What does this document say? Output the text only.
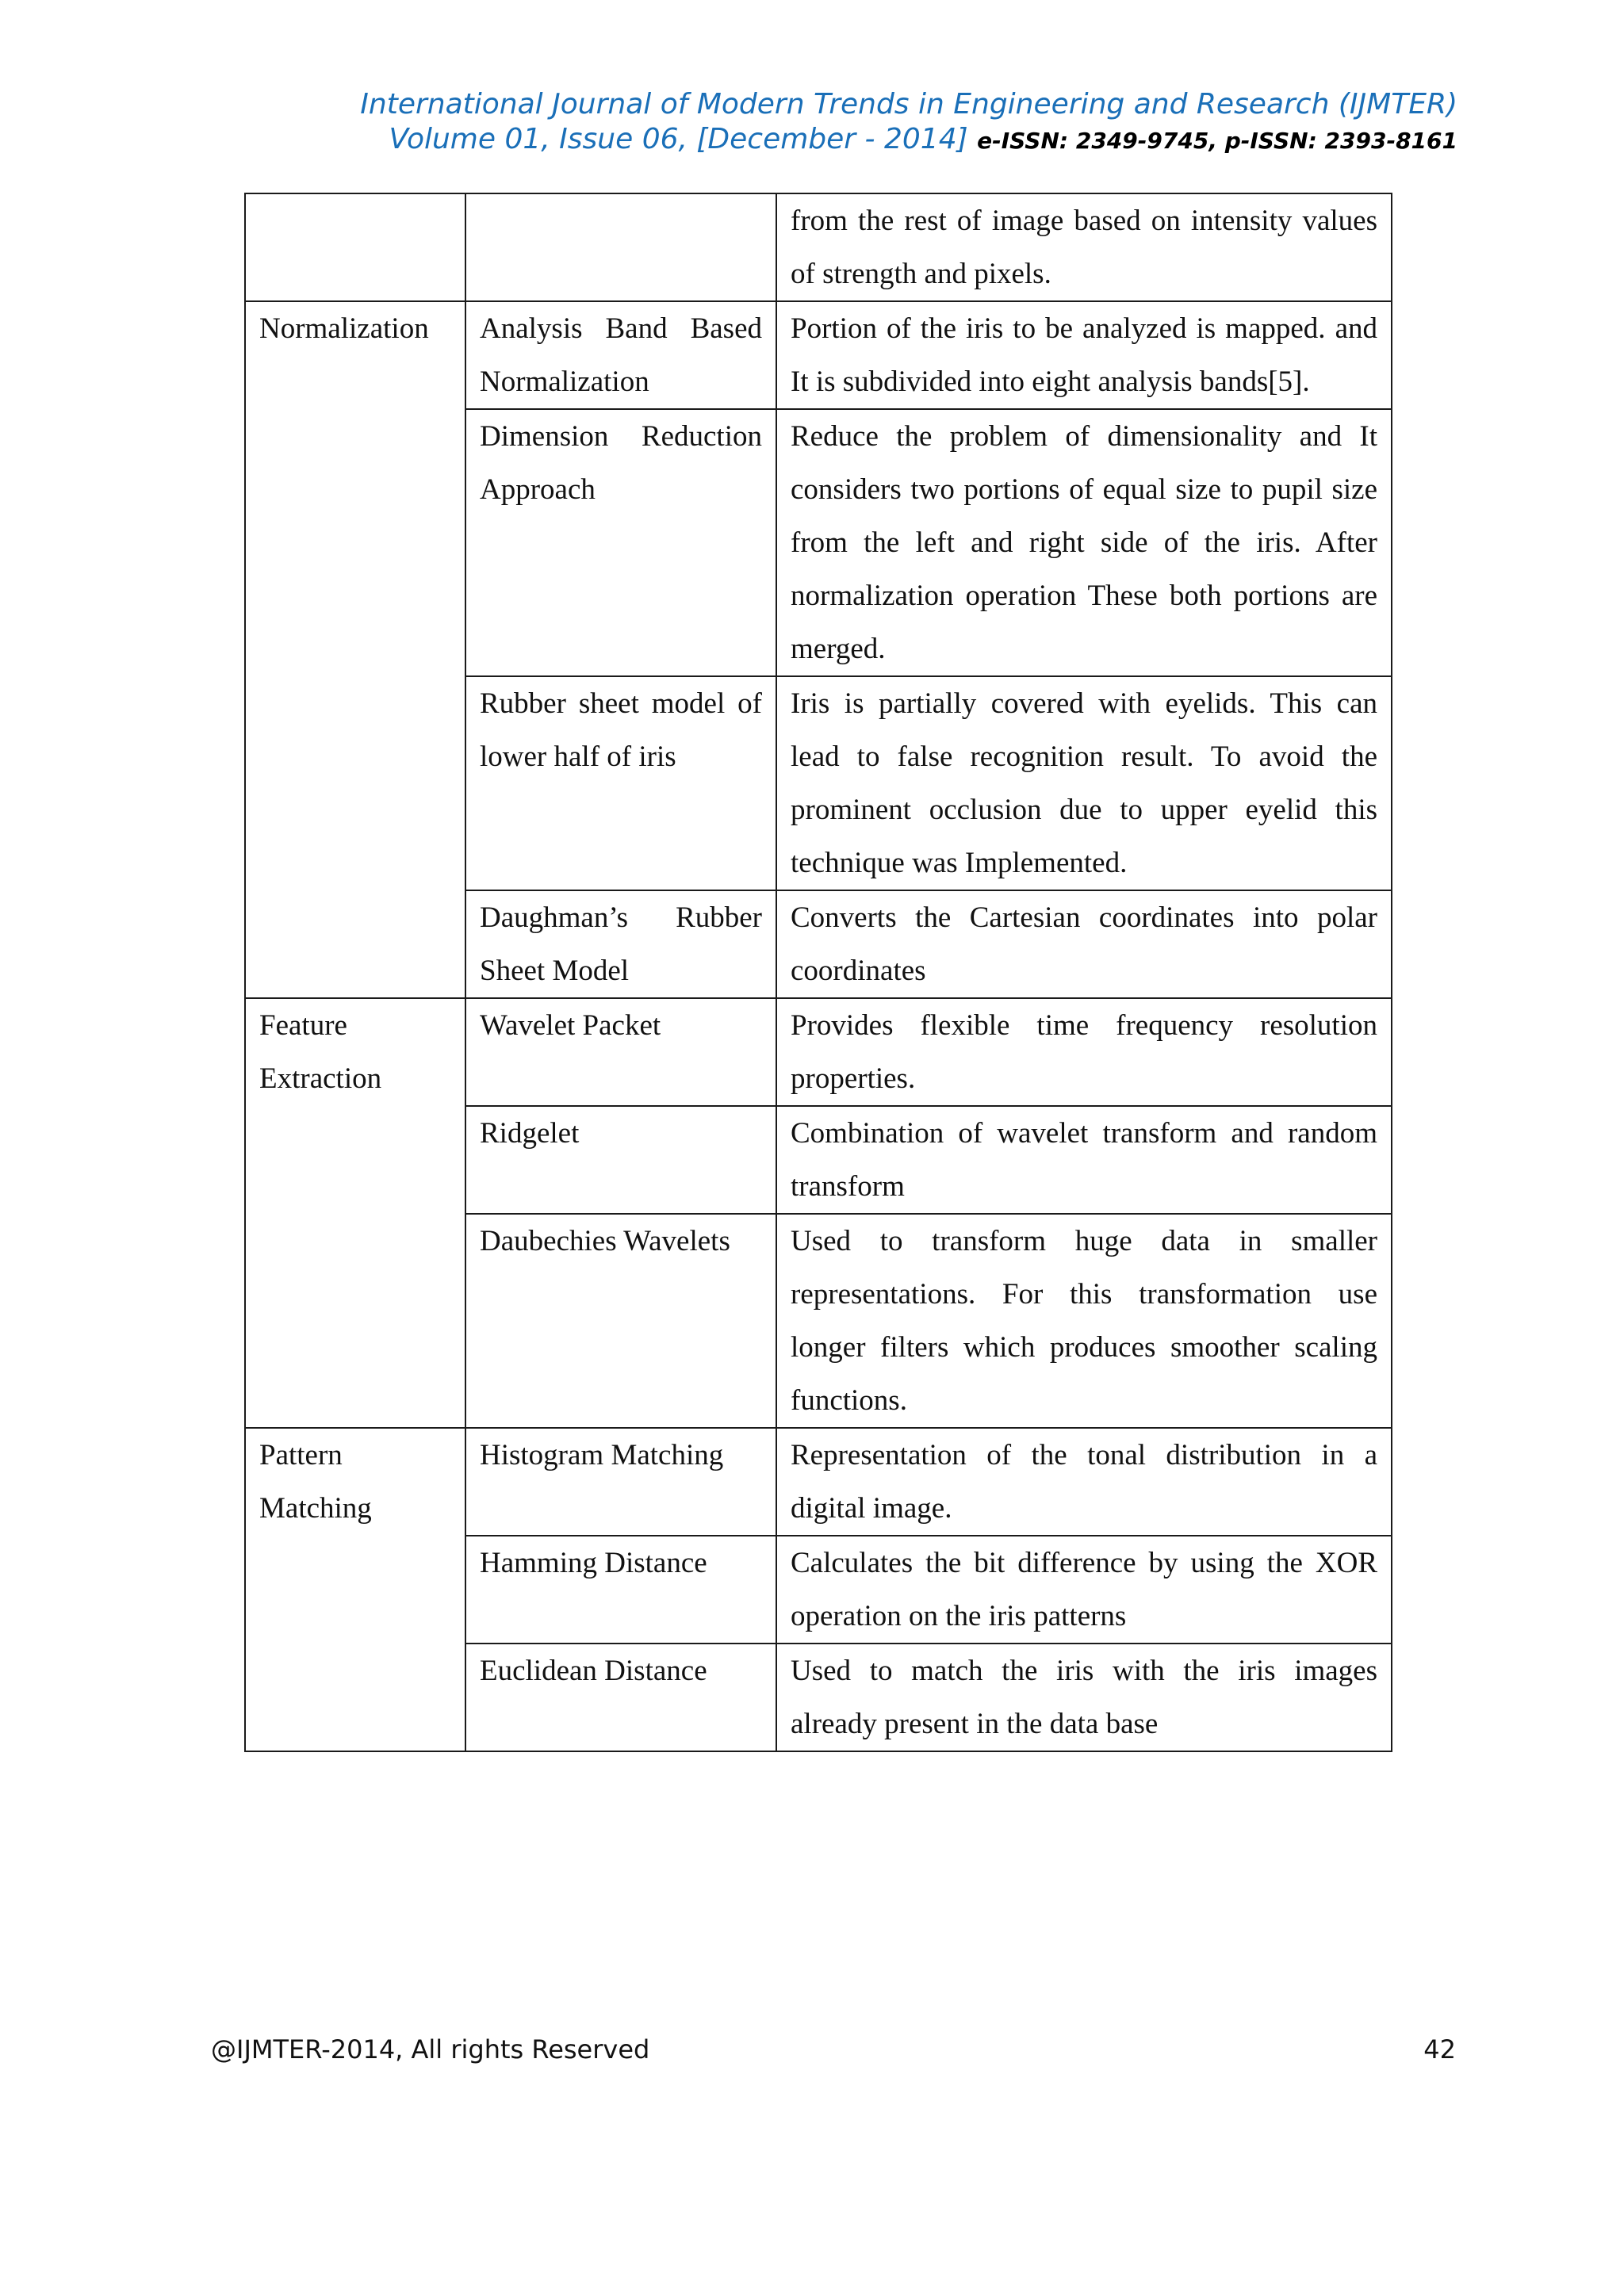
International Journal of Modern Trends in Engineering and Research (IJMTER)
Volume 01, Issue 06, [December - 2014] e-ISSN: 2349-9745, p-ISSN: 2393-8161
		from the rest of image based on intensity values of strength and pixels.
Normalization	Analysis Band Based Normalization	Portion of the iris to be analyzed is mapped. and It is subdivided into eight analysis bands[5].
	Dimension Reduction Approach	Reduce the problem of dimensionality and It considers two portions of equal size to pupil size from the left and right side of the iris. After normalization operation These both portions are merged.
	Rubber sheet model of lower half of iris	Iris is partially covered with eyelids. This can lead to false recognition result. To avoid the prominent occlusion due to upper eyelid this technique was Implemented.
	Daughman’s Rubber Sheet Model	Converts the Cartesian coordinates into polar coordinates
Feature Extraction	Wavelet Packet	Provides flexible time frequency resolution properties.
	Ridgelet	Combination of wavelet transform and random transform
	Daubechies Wavelets	Used to transform huge data in smaller representations. For this transformation use longer filters which produces smoother scaling functions.
Pattern Matching	Histogram Matching	Representation of the tonal distribution in a digital image.
	Hamming Distance	Calculates the bit difference by using the XOR operation on the iris patterns
	Euclidean Distance	Used to match the iris with the iris images already present in the data base
@IJMTER-2014, All rights Reserved	42
